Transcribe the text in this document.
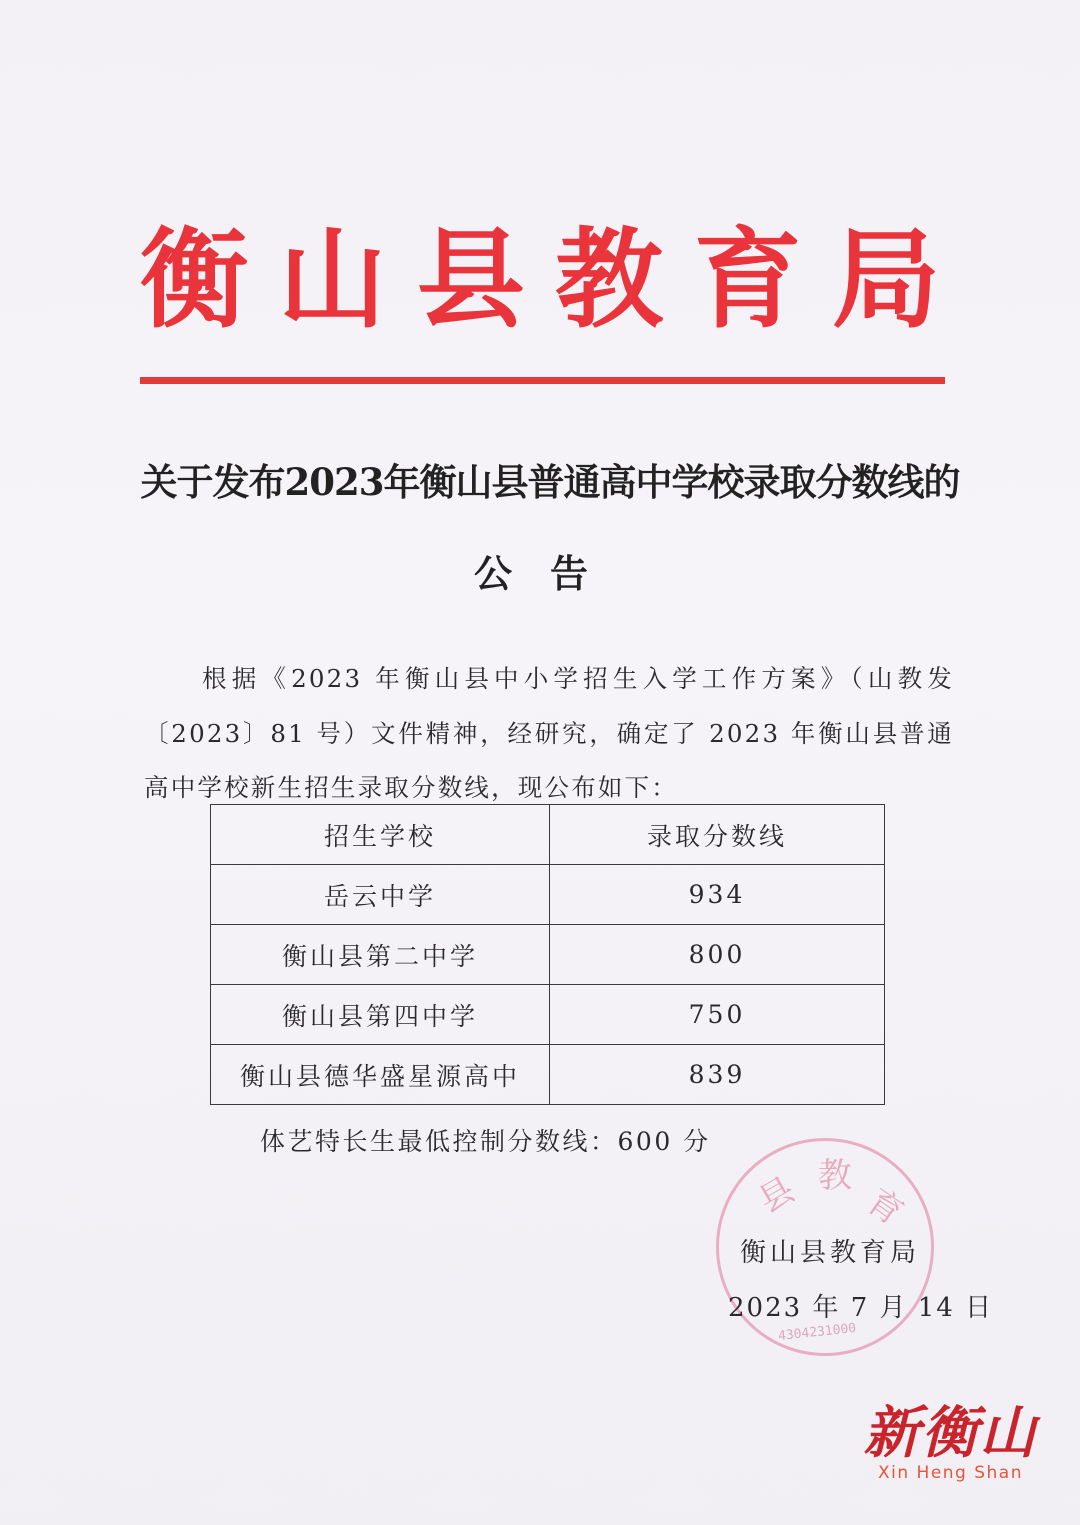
衡 山 县 教 育 局
关于发布2023年衡山县普通高中学校录取分数线的
公告
根据《2023 年衡山县中小学招生入学工作方案》（山教发〔2023〕81 号）文件精神，经研究，确定了 2023 年衡山县普通高中学校新生招生录取分数线，现公布如下：
招生学校	录取分数线
岳云中学	934
衡山县第二中学	800
衡山县第四中学	750
衡山县德华盛星源高中	839
体艺特长生最低控制分数线：600 分
县 教
育
4304231000
衡山县教育局
2023 年 7 月 14 日
新衡山
Xin Heng Shan
